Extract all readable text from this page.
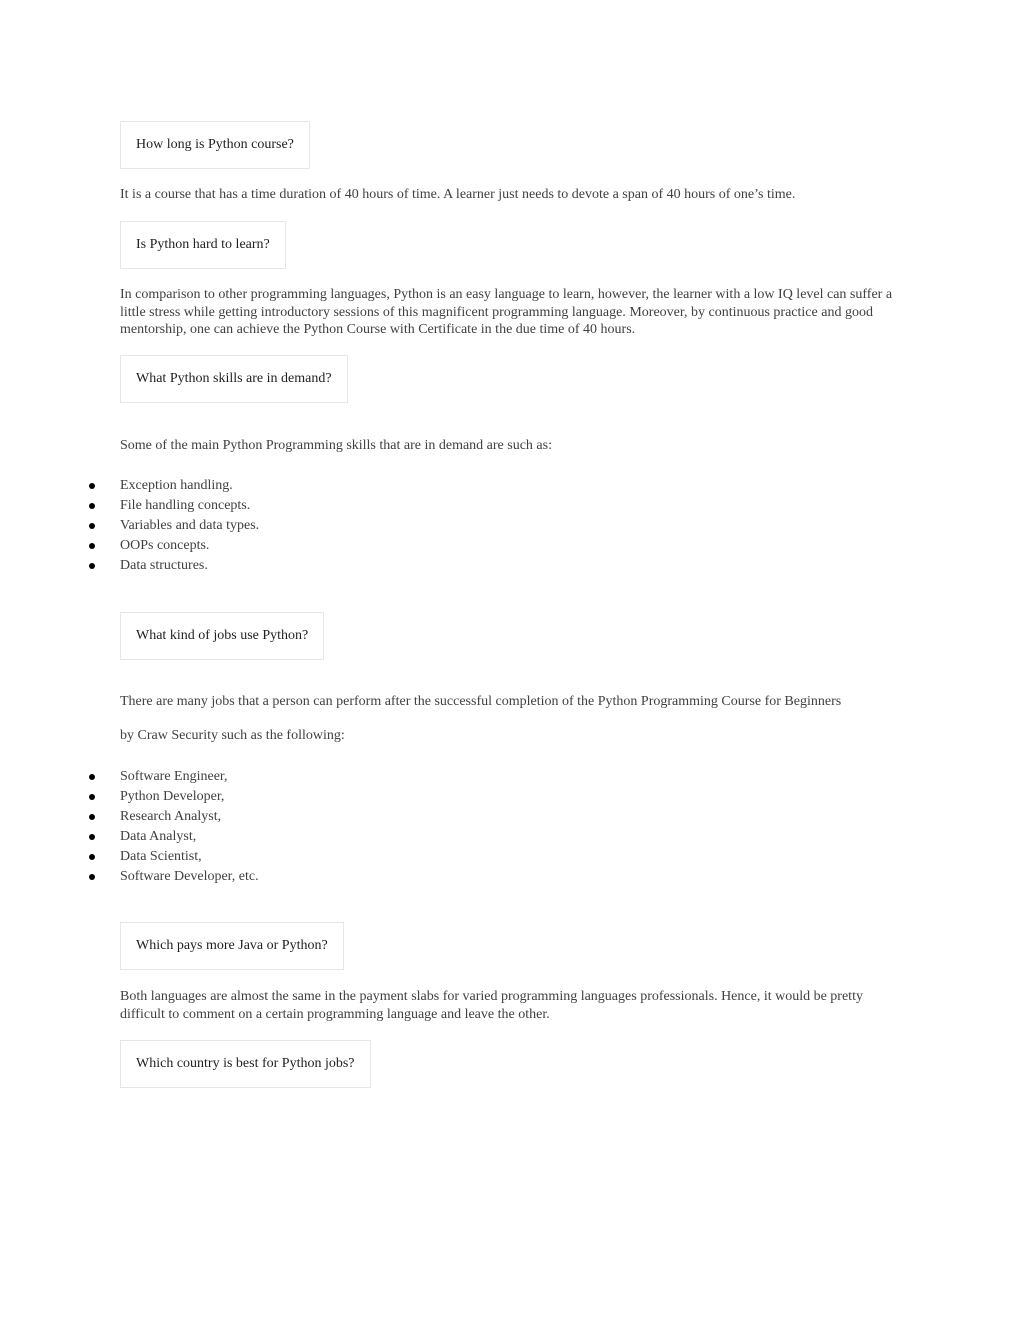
How long is Python course?
It is a course that has a time duration of 40 hours of time. A learner just needs to devote a span of 40 hours of one’s time.
Is Python hard to learn?
In comparison to other programming languages, Python is an easy language to learn, however, the learner with a low IQ level can suffer a little stress while getting introductory sessions of this magnificent programming language. Moreover, by continuous practice and good mentorship, one can achieve the Python Course with Certificate in the due time of 40 hours.
What Python skills are in demand?
Some of the main Python Programming skills that are in demand are such as:
Exception handling.
File handling concepts.
Variables and data types.
OOPs concepts.
Data structures.
What kind of jobs use Python?
There are many jobs that a person can perform after the successful completion of the Python Programming Course for Beginners
by Craw Security such as the following:
Software Engineer,
Python Developer,
Research Analyst,
Data Analyst,
Data Scientist,
Software Developer, etc.
Which pays more Java or Python?
Both languages are almost the same in the payment slabs for varied programming languages professionals. Hence, it would be pretty difficult to comment on a certain programming language and leave the other.
Which country is best for Python jobs?
